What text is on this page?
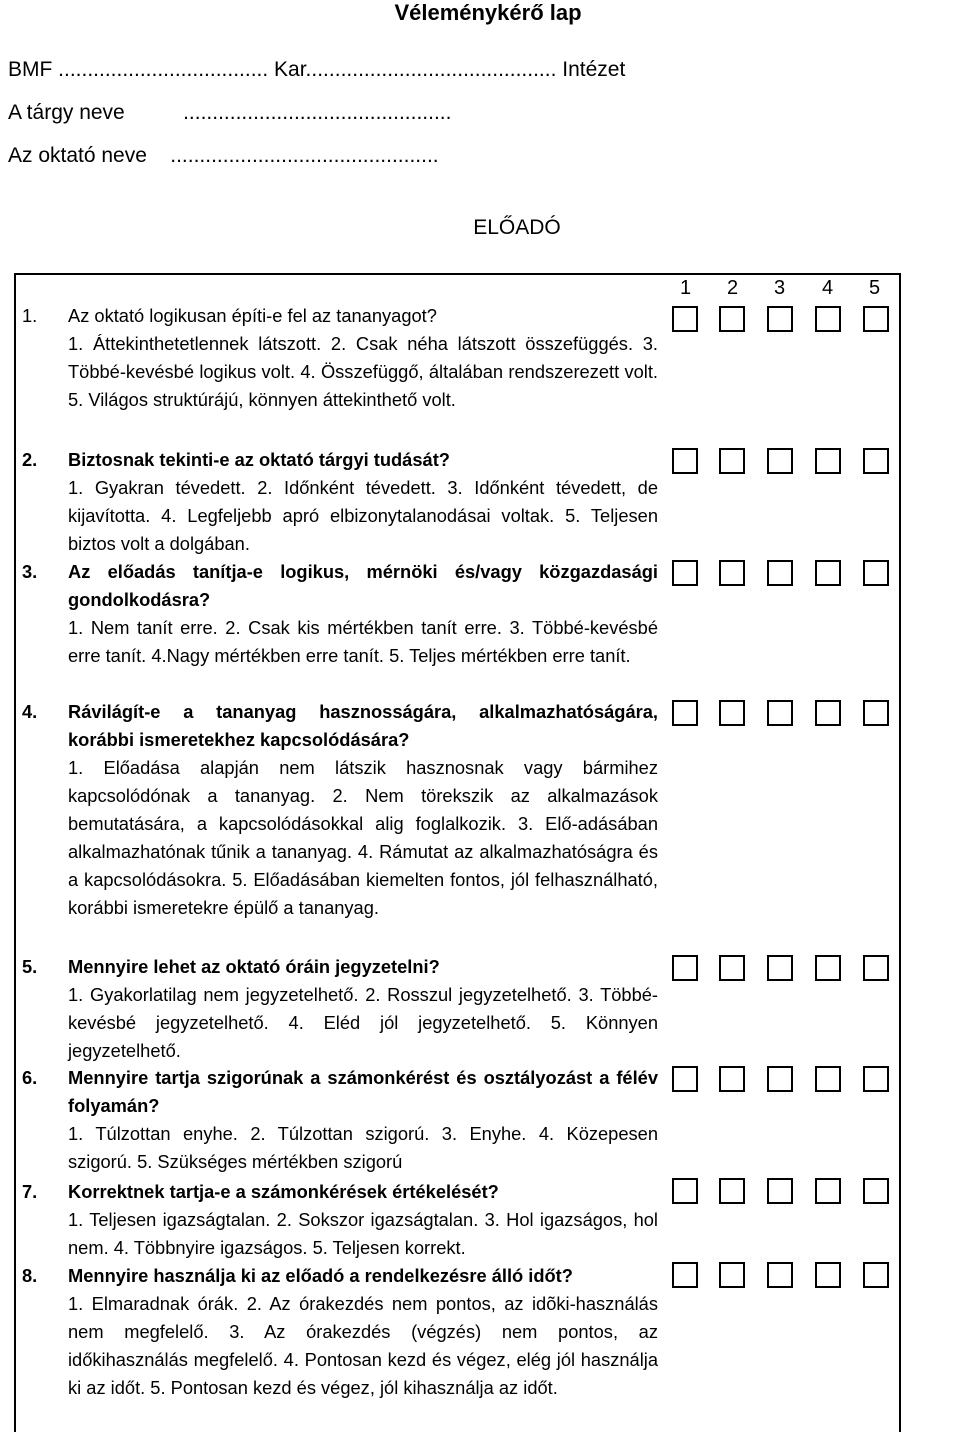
Véleménykérő lap
BMF .................................... Kar........................................... Intézet
A tárgy neve          ..............................................
Az oktató neve    ..............................................
ELŐADÓ
1 2 3 4 5
1. Az oktató logikusan építi-e fel az tananyagot?
1. Áttekinthetetlennek látszott. 2. Csak néha látszott összefüggés. 3. Többé-kevésbé logikus volt. 4. Összefüggő, általában rendszerezett volt. 5. Világos struktúrájú, könnyen áttekinthető volt.
2. Biztosnak tekinti-e az oktató tárgyi tudását?
1. Gyakran tévedett. 2. Időnként tévedett. 3. Időnként tévedett, de kijavította. 4. Legfeljebb apró elbizonytalanodásai voltak. 5. Teljesen biztos volt a dolgában.
3. Az előadás tanítja-e logikus, mérnöki és/vagy közgazdasági gondolkodásra?
1. Nem tanít erre. 2. Csak kis mértékben tanít erre. 3. Többé-kevésbé erre tanít. 4.Nagy mértékben erre tanít. 5. Teljes mértékben erre tanít.
4. Rávilágít-e a tananyag hasznosságára, alkalmazhatóságára, korábbi ismeretekhez kapcsolódására?
1. Előadása alapján nem látszik hasznosnak vagy bármihez kapcsolódónak a tananyag. 2. Nem törekszik az alkalmazások bemutatására, a kapcsolódásokkal alig foglalkozik. 3. Elő-adásában alkalmazhatónak tűnik a tananyag. 4. Rámutat az alkalmazhatóságra és a kapcsolódásokra. 5. Előadásában kiemelten fontos, jól felhasználható, korábbi ismeretekre épülő a tananyag.
5. Mennyire lehet az oktató óráin jegyzetelni?
1. Gyakorlatilag nem jegyzetelhető. 2. Rosszul jegyzetelhető. 3. Többé-kevésbé jegyzetelhető. 4. Eléd jól jegyzetelhető. 5. Könnyen jegyzetelhető.
6. Mennyire tartja szigorúnak a számonkérést és osztályozást a félév folyamán?
1. Túlzottan enyhe. 2. Túlzottan szigorú. 3. Enyhe. 4. Közepesen szigorú. 5. Szükséges mértékben szigorú
7. Korrektnek tartja-e a számonkérések értékelését?
1. Teljesen igazságtalan. 2. Sokszor igazságtalan. 3. Hol igazságos, hol nem. 4. Többnyire igazságos. 5. Teljesen korrekt.
8. Mennyire használja ki az előadó a rendelkezésre álló időt?
1. Elmaradnak órák. 2. Az órakezdés nem pontos, az idõki-használás nem megfelelő. 3. Az órakezdés (végzés) nem pontos, az időkihasználás megfelelő. 4. Pontosan kezd és végez, elég jól használja ki az időt. 5. Pontosan kezd és végez, jól kihasználja az időt.
